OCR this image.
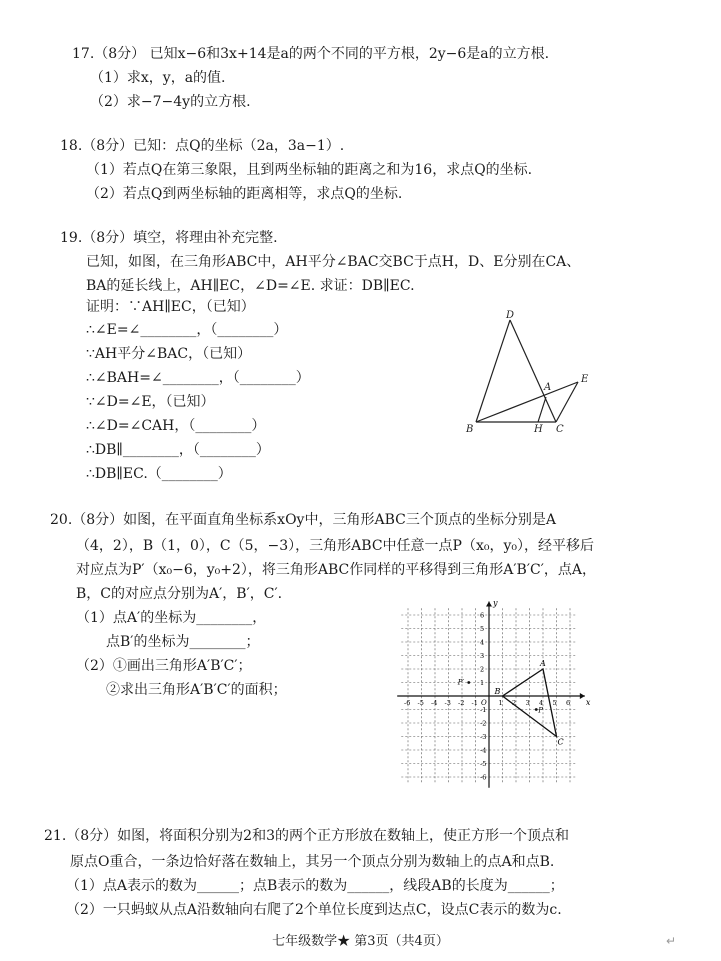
17.（8分） 已知x−6和3x+14是a的两个不同的平方根，2y−6是a的立方根.
（1）求x，y，a的值.
（2）求−7−4y的立方根.
18.（8分）已知：点Q的坐标（2a，3a−1）.
（1）若点Q在第三象限，且到两坐标轴的距离之和为16，求点Q的坐标.
（2）若点Q到两坐标轴的距离相等，求点Q的坐标.
19.（8分）填空，将理由补充完整.
已知，如图，在三角形ABC中，AH平分∠BAC交BC于点H，D、E分别在CA、
BA的延长线上，AH∥EC，∠D=∠E. 求证：DB∥EC.
证明：∵AH∥EC，（已知）
∴∠E=∠________，（________）
∵AH平分∠BAC，（已知）
∴∠BAH=∠________，（________）
∵∠D=∠E，（已知）
∴∠D=∠CAH，（________）
∴DB∥________，（________）
∴DB∥EC.（________）
D
A
E
B	H C
20.（8分）如图，在平面直角坐标系xOy中，三角形ABC三个顶点的坐标分别是A
（4，2），B（1，0），C（5，−3），三角形ABC中任意一点P（x₀，y₀），经平移后
对应点为P′（x₀−6，y₀+2），将三角形ABC作同样的平移得到三角形A′B′C′，点A，
B，C的对应点分别为A′，B′，C′.
（1）点A′的坐标为________，
点B′的坐标为________；
（2）①画出三角形A′B′C′；
②求出三角形A′B′C′的面积；
x
y
O
-6 -5 -4 -3 -2 -1	1 2 3 4 5 6
6
5
4
3
2
1
-1
-2
-3
-4
-5
-6
A
B
C
P
P′
21.（8分）如图，将面积分别为2和3的两个正方形放在数轴上，使正方形一个顶点和
原点O重合，一条边恰好落在数轴上，其另一个顶点分别为数轴上的点A和点B.
（1）点A表示的数为______；点B表示的数为______，线段AB的长度为______；
（2）一只蚂蚁从点A沿数轴向右爬了2个单位长度到达点C，设点C表示的数为c.
七年级数学★ 第3页（共4页）	↵
